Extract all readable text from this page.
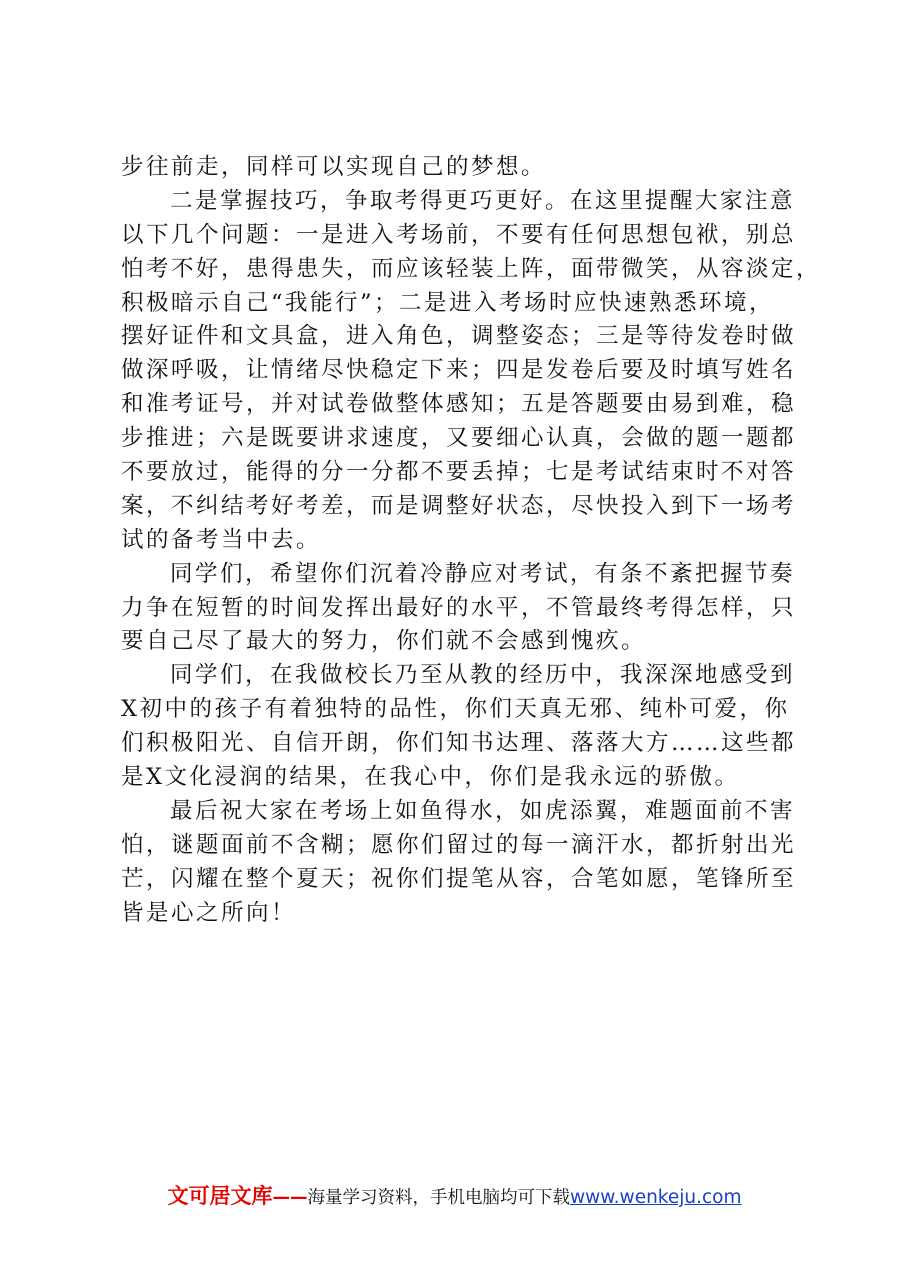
步往前走，同样可以实现自己的梦想。
二是掌握技巧，争取考得更巧更好。在这里提醒大家注意
以下几个问题：一是进入考场前，不要有任何思想包袱，别总
怕考不好，患得患失，而应该轻装上阵，面带微笑，从容淡定，
积极暗示自己“我能行”；二是进入考场时应快速熟悉环境，
摆好证件和文具盒，进入角色，调整姿态；三是等待发卷时做
做深呼吸，让情绪尽快稳定下来；四是发卷后要及时填写姓名
和准考证号，并对试卷做整体感知；五是答题要由易到难，稳
步推进；六是既要讲求速度，又要细心认真，会做的题一题都
不要放过，能得的分一分都不要丢掉；七是考试结束时不对答
案，不纠结考好考差，而是调整好状态，尽快投入到下一场考
试的备考当中去。
同学们，希望你们沉着冷静应对考试，有条不紊把握节奏
力争在短暂的时间发挥出最好的水平，不管最终考得怎样，只
要自己尽了最大的努力，你们就不会感到愧疚。
同学们，在我做校长乃至从教的经历中，我深深地感受到
X初中的孩子有着独特的品性，你们天真无邪、纯朴可爱，你
们积极阳光、自信开朗，你们知书达理、落落大方……这些都
是X文化浸润的结果，在我心中，你们是我永远的骄傲。
最后祝大家在考场上如鱼得水，如虎添翼，难题面前不害
怕，谜题面前不含糊；愿你们留过的每一滴汗水，都折射出光
芒，闪耀在整个夏天；祝你们提笔从容，合笔如愿，笔锋所至
皆是心之所向！
文可居文库——海量学习资料，手机电脑均可下载www.wenkeju.com
